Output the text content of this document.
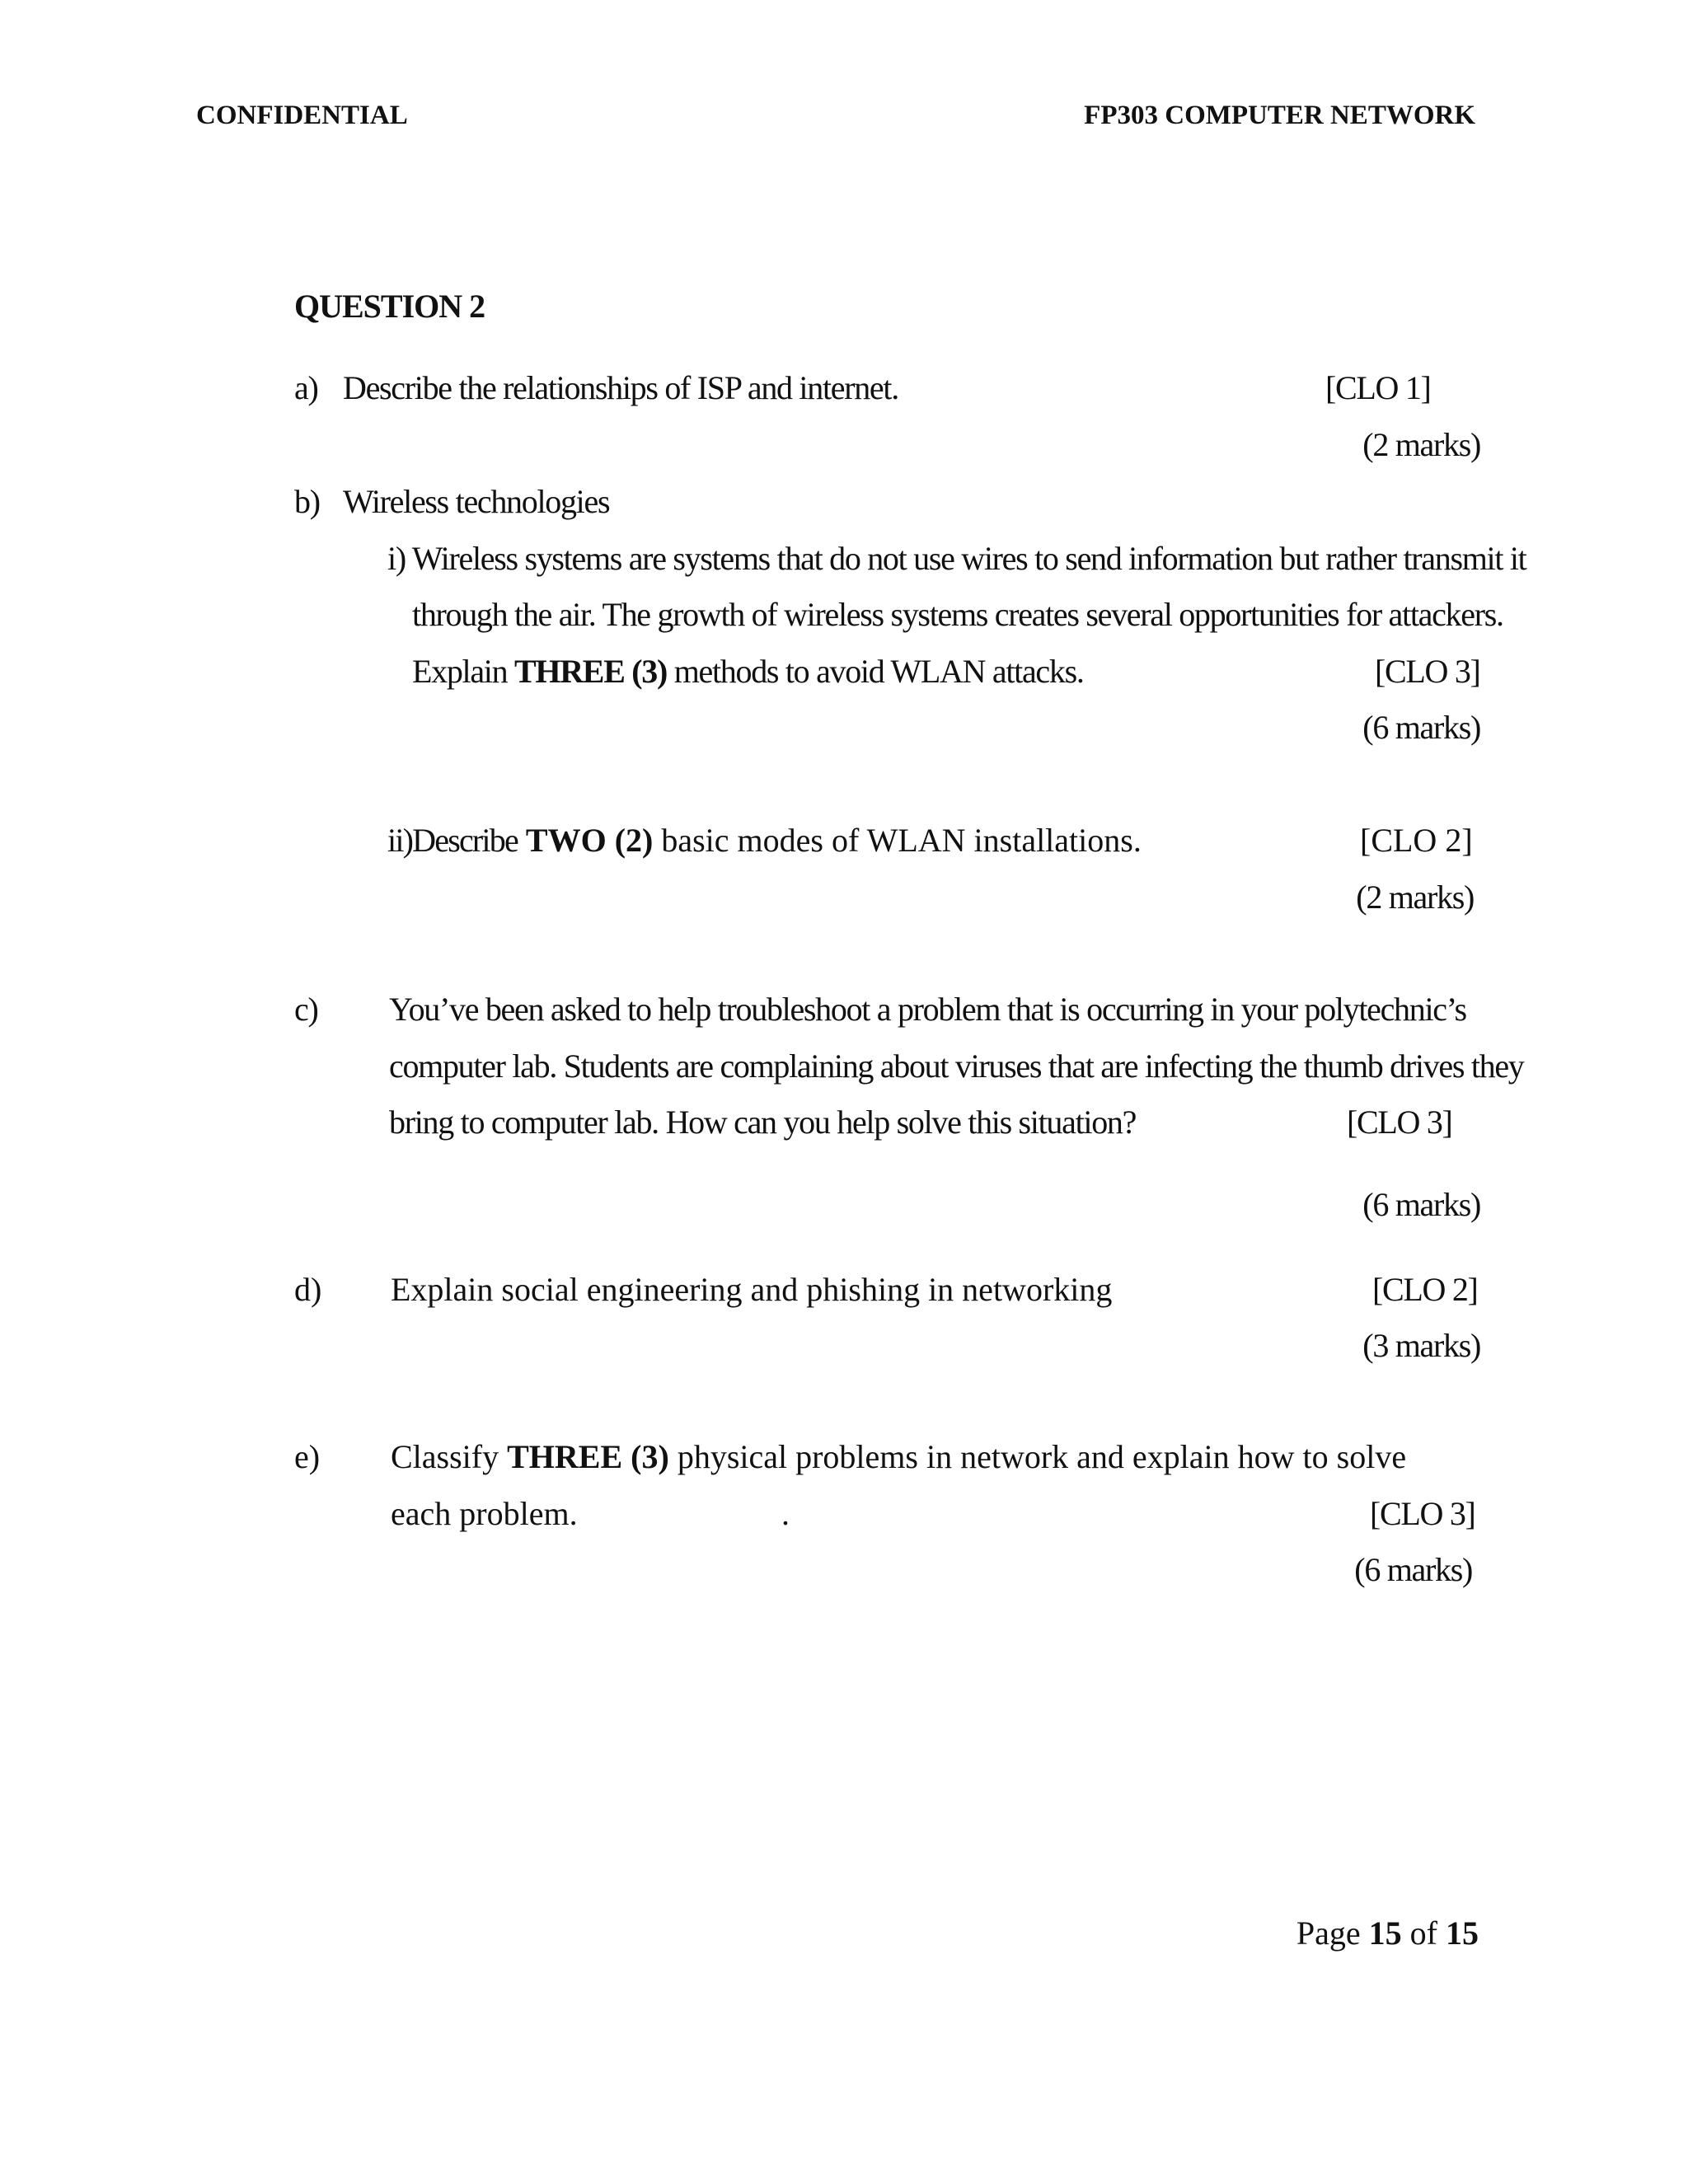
CONFIDENTIAL	FP303 COMPUTER NETWORK
QUESTION 2
a) Describe the relationships of ISP and internet.	[CLO 1]
(2 marks)
b) Wireless technologies
i) Wireless systems are systems that do not use wires to send information but rather transmit it
through the air. The growth of wireless systems creates several opportunities for attackers.
Explain THREE (3) methods to avoid WLAN attacks.	[CLO 3]
(6 marks)
ii)Describe TWO (2) basic modes of WLAN installations.	[CLO 2]
(2 marks)
c) You’ve been asked to help troubleshoot a problem that is occurring in your polytechnic’s
computer lab. Students are complaining about viruses that are infecting the thumb drives they
bring to computer lab. How can you help solve this situation?	[CLO 3]
(6 marks)
d) Explain social engineering and phishing in networking	[CLO 2]
(3 marks)
e) Classify THREE (3) physical problems in network and explain how to solve
each problem.	.	[CLO 3]
(6 marks)
Page 15 of 15
